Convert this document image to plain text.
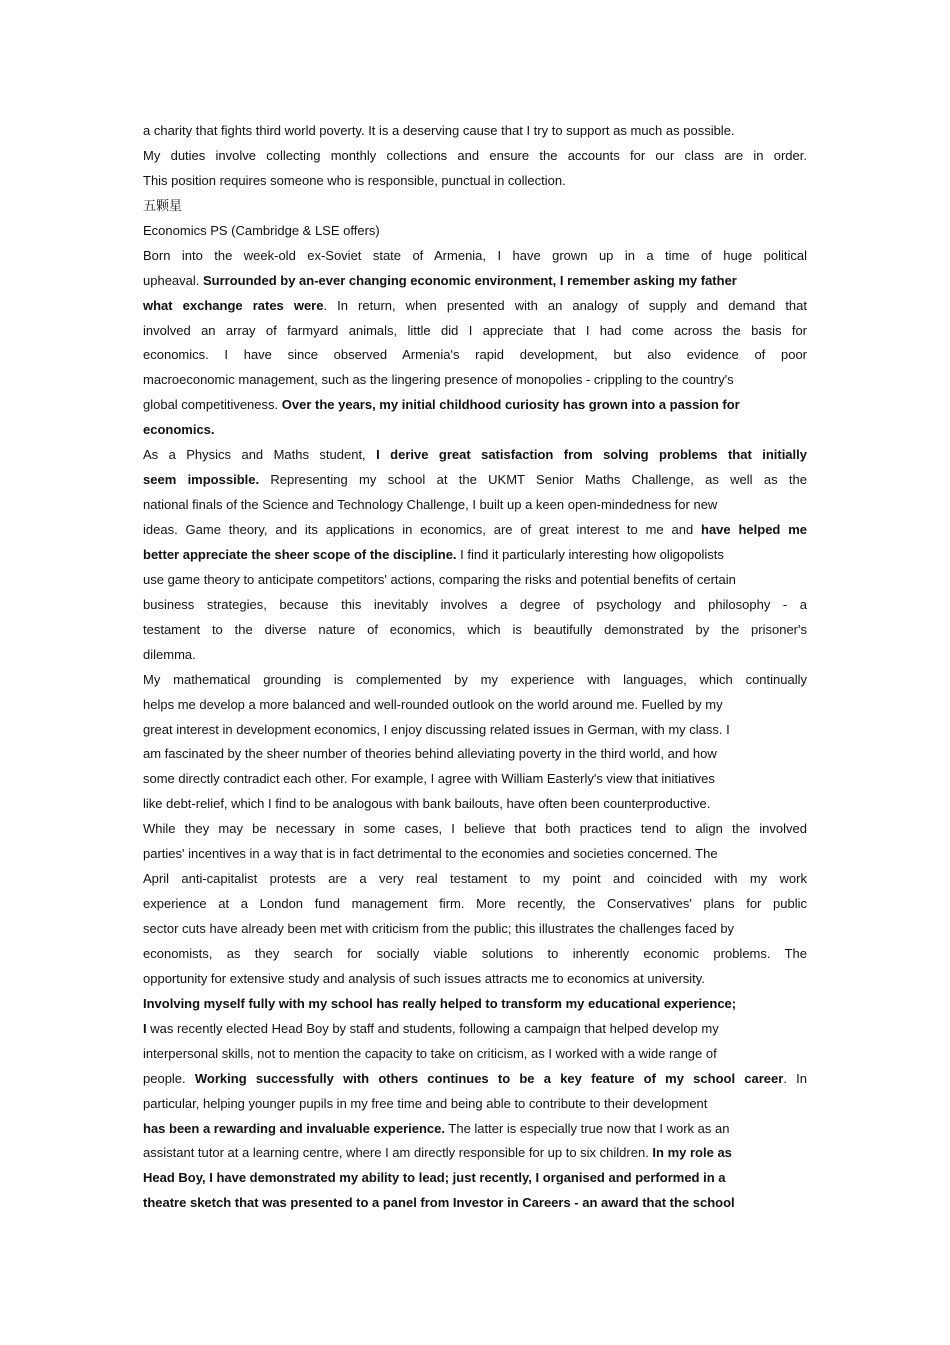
a charity that fights third world poverty. It is a deserving cause that I try to support as much as possible.
My duties involve collecting monthly collections and ensure the accounts for our class are in order.
This position requires someone who is responsible, punctual in collection.
五颗星
Economics PS (Cambridge & LSE offers)
Born into the week-old ex-Soviet state of Armenia, I have grown up in a time of huge political
upheaval. Surrounded by an-ever changing economic environment, I remember asking my father
what exchange rates were. In return, when presented with an analogy of supply and demand that
involved an array of farmyard animals, little did I appreciate that I had come across the basis for
economics. I have since observed Armenia's rapid development, but also evidence of poor
macroeconomic management, such as the lingering presence of monopolies - crippling to the country's
global competitiveness. Over the years, my initial childhood curiosity has grown into a passion for
economics.
As a Physics and Maths student, I derive great satisfaction from solving problems that initially
seem impossible. Representing my school at the UKMT Senior Maths Challenge, as well as the
national finals of the Science and Technology Challenge, I built up a keen open-mindedness for new
ideas. Game theory, and its applications in economics, are of great interest to me and have helped me
better appreciate the sheer scope of the discipline. I find it particularly interesting how oligopolists
use game theory to anticipate competitors' actions, comparing the risks and potential benefits of certain
business strategies, because this inevitably involves a degree of psychology and philosophy - a
testament to the diverse nature of economics, which is beautifully demonstrated by the prisoner's
dilemma.
My mathematical grounding is complemented by my experience with languages, which continually
helps me develop a more balanced and well-rounded outlook on the world around me. Fuelled by my
great interest in development economics, I enjoy discussing related issues in German, with my class. I
am fascinated by the sheer number of theories behind alleviating poverty in the third world, and how
some directly contradict each other. For example, I agree with William Easterly's view that initiatives
like debt-relief, which I find to be analogous with bank bailouts, have often been counterproductive.
While they may be necessary in some cases, I believe that both practices tend to align the involved
parties' incentives in a way that is in fact detrimental to the economies and societies concerned. The
April anti-capitalist protests are a very real testament to my point and coincided with my work
experience at a London fund management firm. More recently, the Conservatives' plans for public
sector cuts have already been met with criticism from the public; this illustrates the challenges faced by
economists, as they search for socially viable solutions to inherently economic problems. The
opportunity for extensive study and analysis of such issues attracts me to economics at university.
Involving myself fully with my school has really helped to transform my educational experience;
I was recently elected Head Boy by staff and students, following a campaign that helped develop my
interpersonal skills, not to mention the capacity to take on criticism, as I worked with a wide range of
people. Working successfully with others continues to be a key feature of my school career. In
particular, helping younger pupils in my free time and being able to contribute to their development
has been a rewarding and invaluable experience. The latter is especially true now that I work as an
assistant tutor at a learning centre, where I am directly responsible for up to six children. In my role as
Head Boy, I have demonstrated my ability to lead; just recently, I organised and performed in a
theatre sketch that was presented to a panel from Investor in Careers - an award that the school
